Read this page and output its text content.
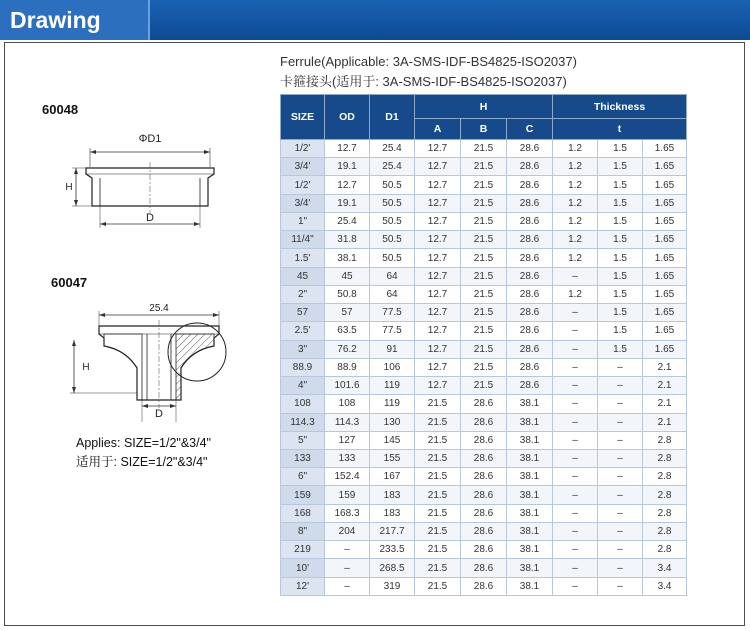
Drawing
Ferrule(Applicable: 3A-SMS-IDF-BS4825-ISO2037)
卡箍接头(适用于: 3A-SMS-IDF-BS4825-ISO2037)
60048
ΦD1
H
D
60047
25.4
H
D
Applies: SIZE=1/2"&3/4"
适用于: SIZE=1/2"&3/4"
SIZE	OD	D1	H			Thickness		
			A	B	C	t		
1/2'	12.7	25.4	12.7	21.5	28.6	1.2	1.5	1.65
3/4'	19.1	25.4	12.7	21.5	28.6	1.2	1.5	1.65
1/2'	12.7	50.5	12.7	21.5	28.6	1.2	1.5	1.65
3/4'	19.1	50.5	12.7	21.5	28.6	1.2	1.5	1.65
1"	25.4	50.5	12.7	21.5	28.6	1.2	1.5	1.65
11/4"	31.8	50.5	12.7	21.5	28.6	1.2	1.5	1.65
1.5'	38.1	50.5	12.7	21.5	28.6	1.2	1.5	1.65
45	45	64	12.7	21.5	28.6	–	1.5	1.65
2"	50.8	64	12.7	21.5	28.6	1.2	1.5	1.65
57	57	77.5	12.7	21.5	28.6	–	1.5	1.65
2.5'	63.5	77.5	12.7	21.5	28.6	–	1.5	1.65
3"	76.2	91	12.7	21.5	28.6	–	1.5	1.65
88.9	88.9	106	12.7	21.5	28.6	–	–	2.1
4"	101.6	119	12.7	21.5	28.6	–	–	2.1
108	108	119	21.5	28.6	38.1	–	–	2.1
114.3	114.3	130	21.5	28.6	38.1	–	–	2.1
5"	127	145	21.5	28.6	38.1	–	–	2.8
133	133	155	21.5	28.6	38.1	–	–	2.8
6"	152.4	167	21.5	28.6	38.1	–	–	2.8
159	159	183	21.5	28.6	38.1	–	–	2.8
168	168.3	183	21.5	28.6	38.1	–	–	2.8
8"	204	217.7	21.5	28.6	38.1	–	–	2.8
219	–	233.5	21.5	28.6	38.1	–	–	2.8
10'	–	268.5	21.5	28.6	38.1	–	–	3.4
12'	–	319	21.5	28.6	38.1	–	–	3.4
